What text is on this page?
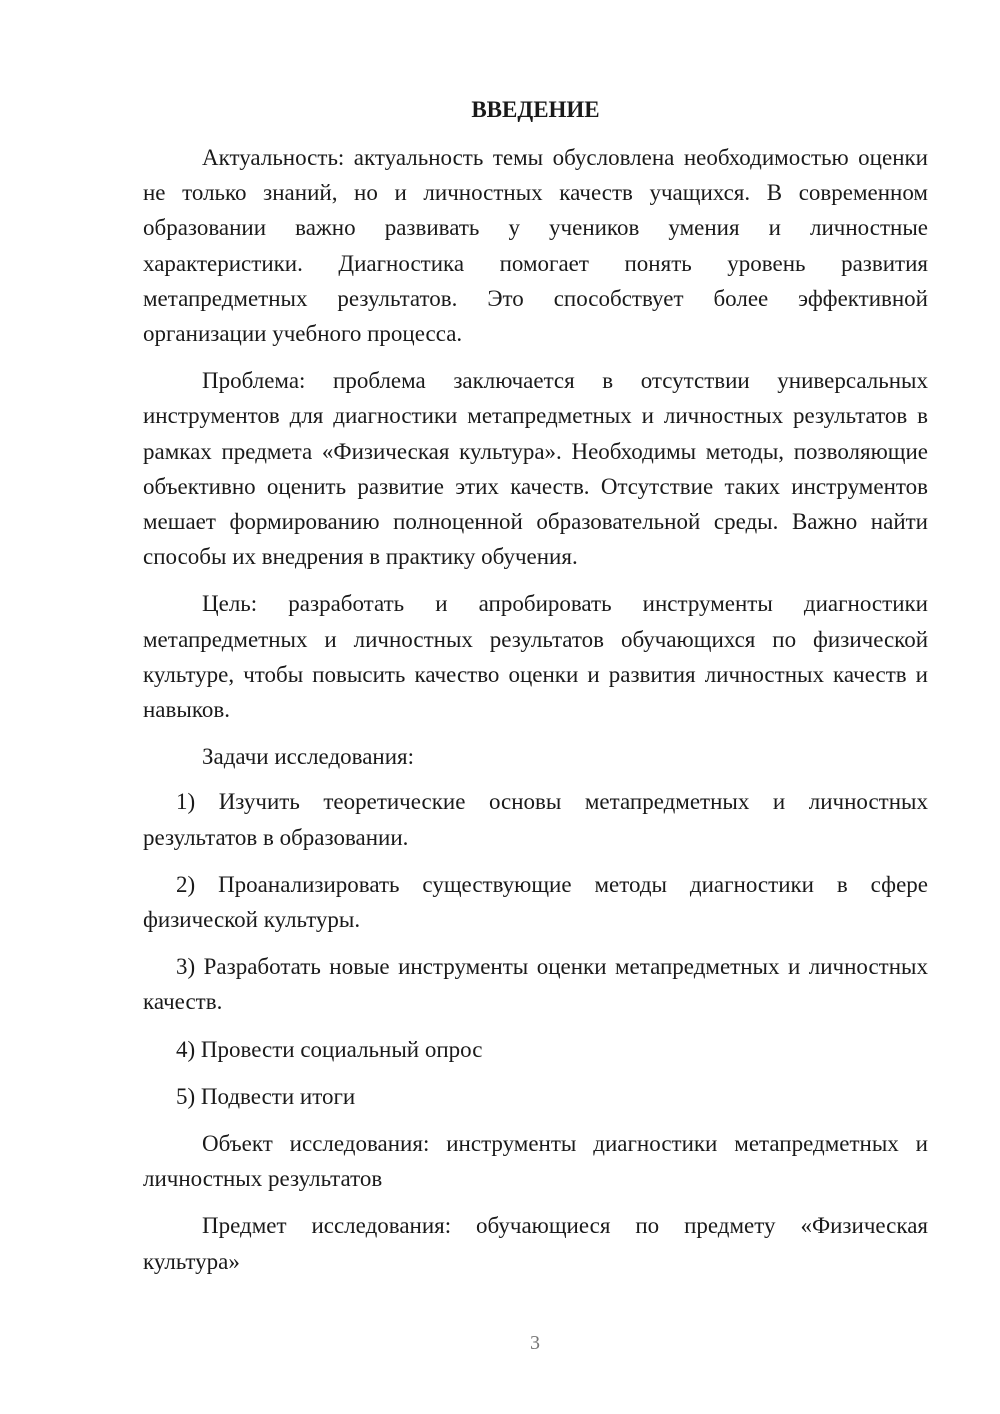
ВВЕДЕНИЕ

Актуальность: актуальность темы обусловлена необходимостью оценки не только знаний, но и личностных качеств учащихся. В современном образовании важно развивать у учеников умения и личностные характеристики. Диагностика помогает понять уровень развития метапредметных результатов. Это способствует более эффективной организации учебного процесса.

Проблема: проблема заключается в отсутствии универсальных инструментов для диагностики метапредметных и личностных результатов в рамках предмета «Физическая культура». Необходимы методы, позволяющие объективно оценить развитие этих качеств. Отсутствие таких инструментов мешает формированию полноценной образовательной среды. Важно найти способы их внедрения в практику обучения.

Цель: разработать и апробировать инструменты диагностики метапредметных и личностных результатов обучающихся по физической культуре, чтобы повысить качество оценки и развития личностных качеств и навыков.

Задачи исследования:

1) Изучить теоретические основы метапредметных и личностных результатов в образовании.

2) Проанализировать существующие методы диагностики в сфере физической культуры.

3) Разработать новые инструменты оценки метапредметных и личностных качеств.

4) Провести социальный опрос

5) Подвести итоги

Объект исследования: инструменты диагностики метапредметных и личностных результатов

Предмет исследования: обучающиеся по предмету «Физическая культура»

3
